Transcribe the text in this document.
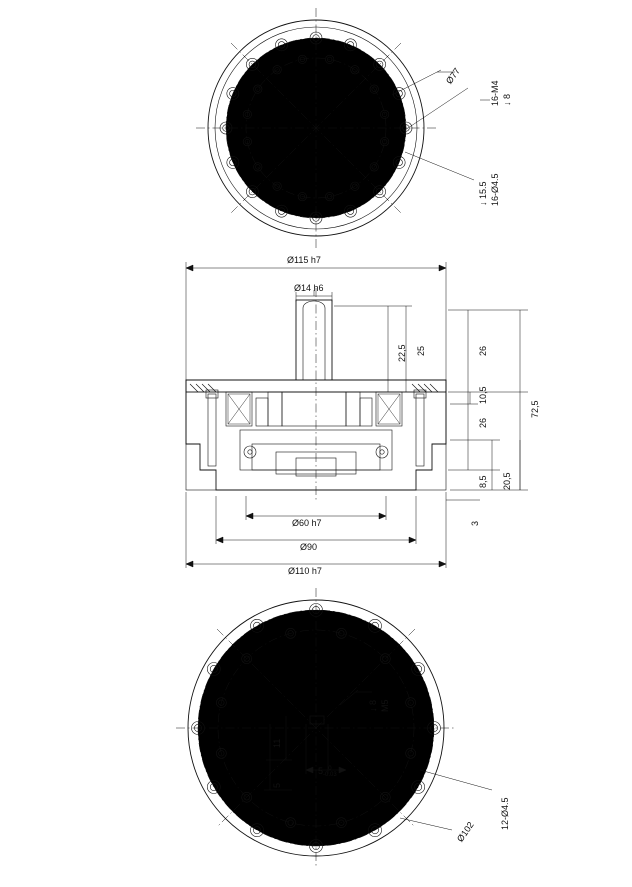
Ø77
16-M4 ↓ 8
16-Ø4.5
↓ 15.5
Ø115 h7
Ø14 h6
22,5 25	26
10,5
26
72,5
8,5 20,5
3
Ø60 h7
Ø90
Ø110 h7
M5
↓ 8
11
5
5 0
-0.03
12-Ø4.5
Ø102
